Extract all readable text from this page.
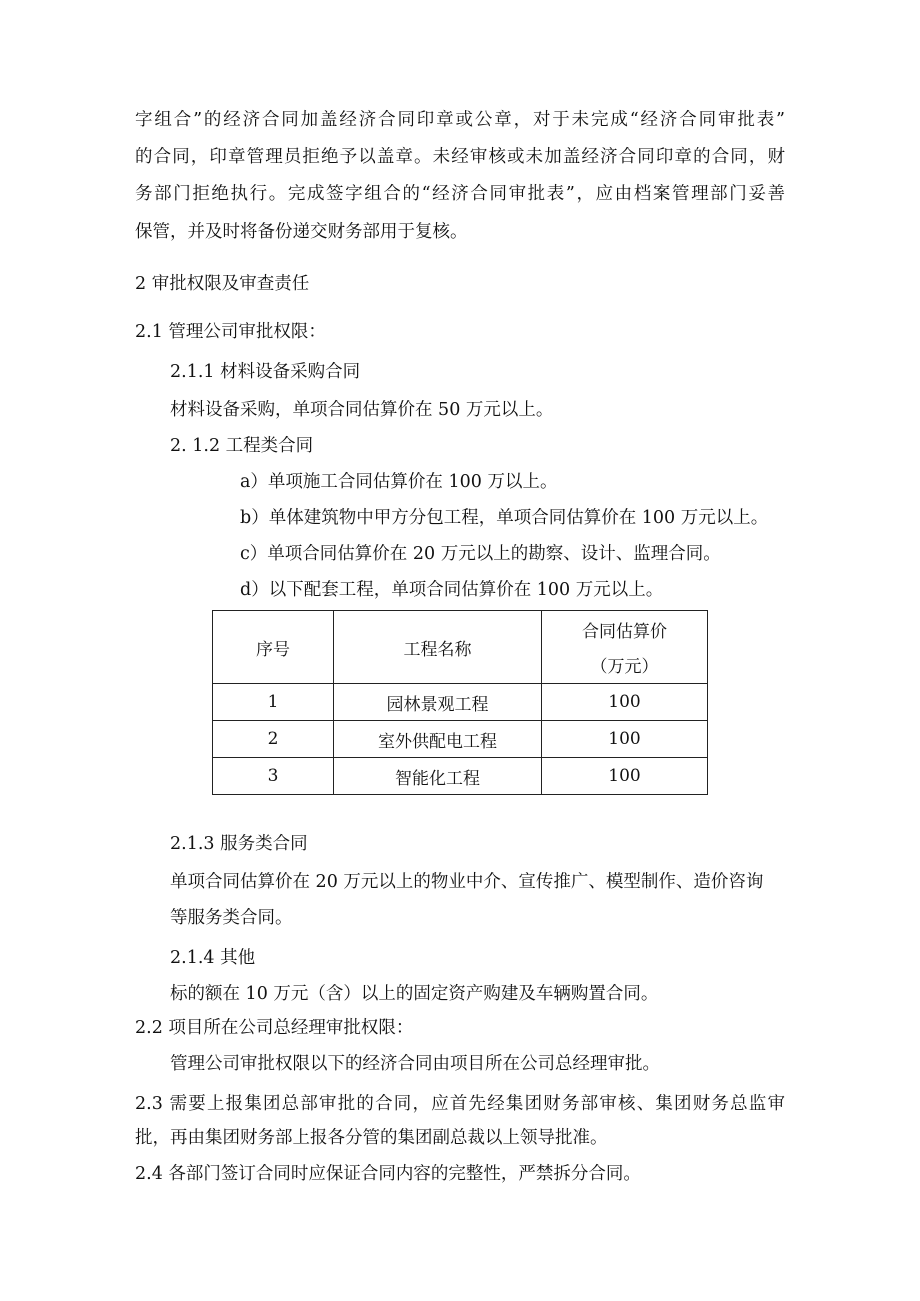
字组合”的经济合同加盖经济合同印章或公章，对于未完成“经济合同审批表”
的合同，印章管理员拒绝予以盖章。未经审核或未加盖经济合同印章的合同，财
务部门拒绝执行。完成签字组合的“经济合同审批表”，应由档案管理部门妥善
保管，并及时将备份递交财务部用于复核。
2 审批权限及审查责任
2.1 管理公司审批权限：
2.1.1 材料设备采购合同
材料设备采购，单项合同估算价在 50 万元以上。
2. 1.2 工程类合同
a）单项施工合同估算价在 100 万以上。
b）单体建筑物中甲方分包工程，单项合同估算价在 100 万元以上。
c）单项合同估算价在 20 万元以上的勘察、设计、监理合同。
d）以下配套工程，单项合同估算价在 100 万元以上。
序号	工程名称	合同估算价
（万元）

1	园林景观工程	100
2	室外供配电工程	100
3	智能化工程	100
2.1.3 服务类合同
单项合同估算价在 20 万元以上的物业中介、宣传推广、模型制作、造价咨询
等服务类合同。
2.1.4 其他
标的额在 10 万元（含）以上的固定资产购建及车辆购置合同。
2.2 项目所在公司总经理审批权限：
管理公司审批权限以下的经济合同由项目所在公司总经理审批。
2.3 需要上报集团总部审批的合同，应首先经集团财务部审核、集团财务总监审
批，再由集团财务部上报各分管的集团副总裁以上领导批准。
2.4 各部门签订合同时应保证合同内容的完整性，严禁拆分合同。
